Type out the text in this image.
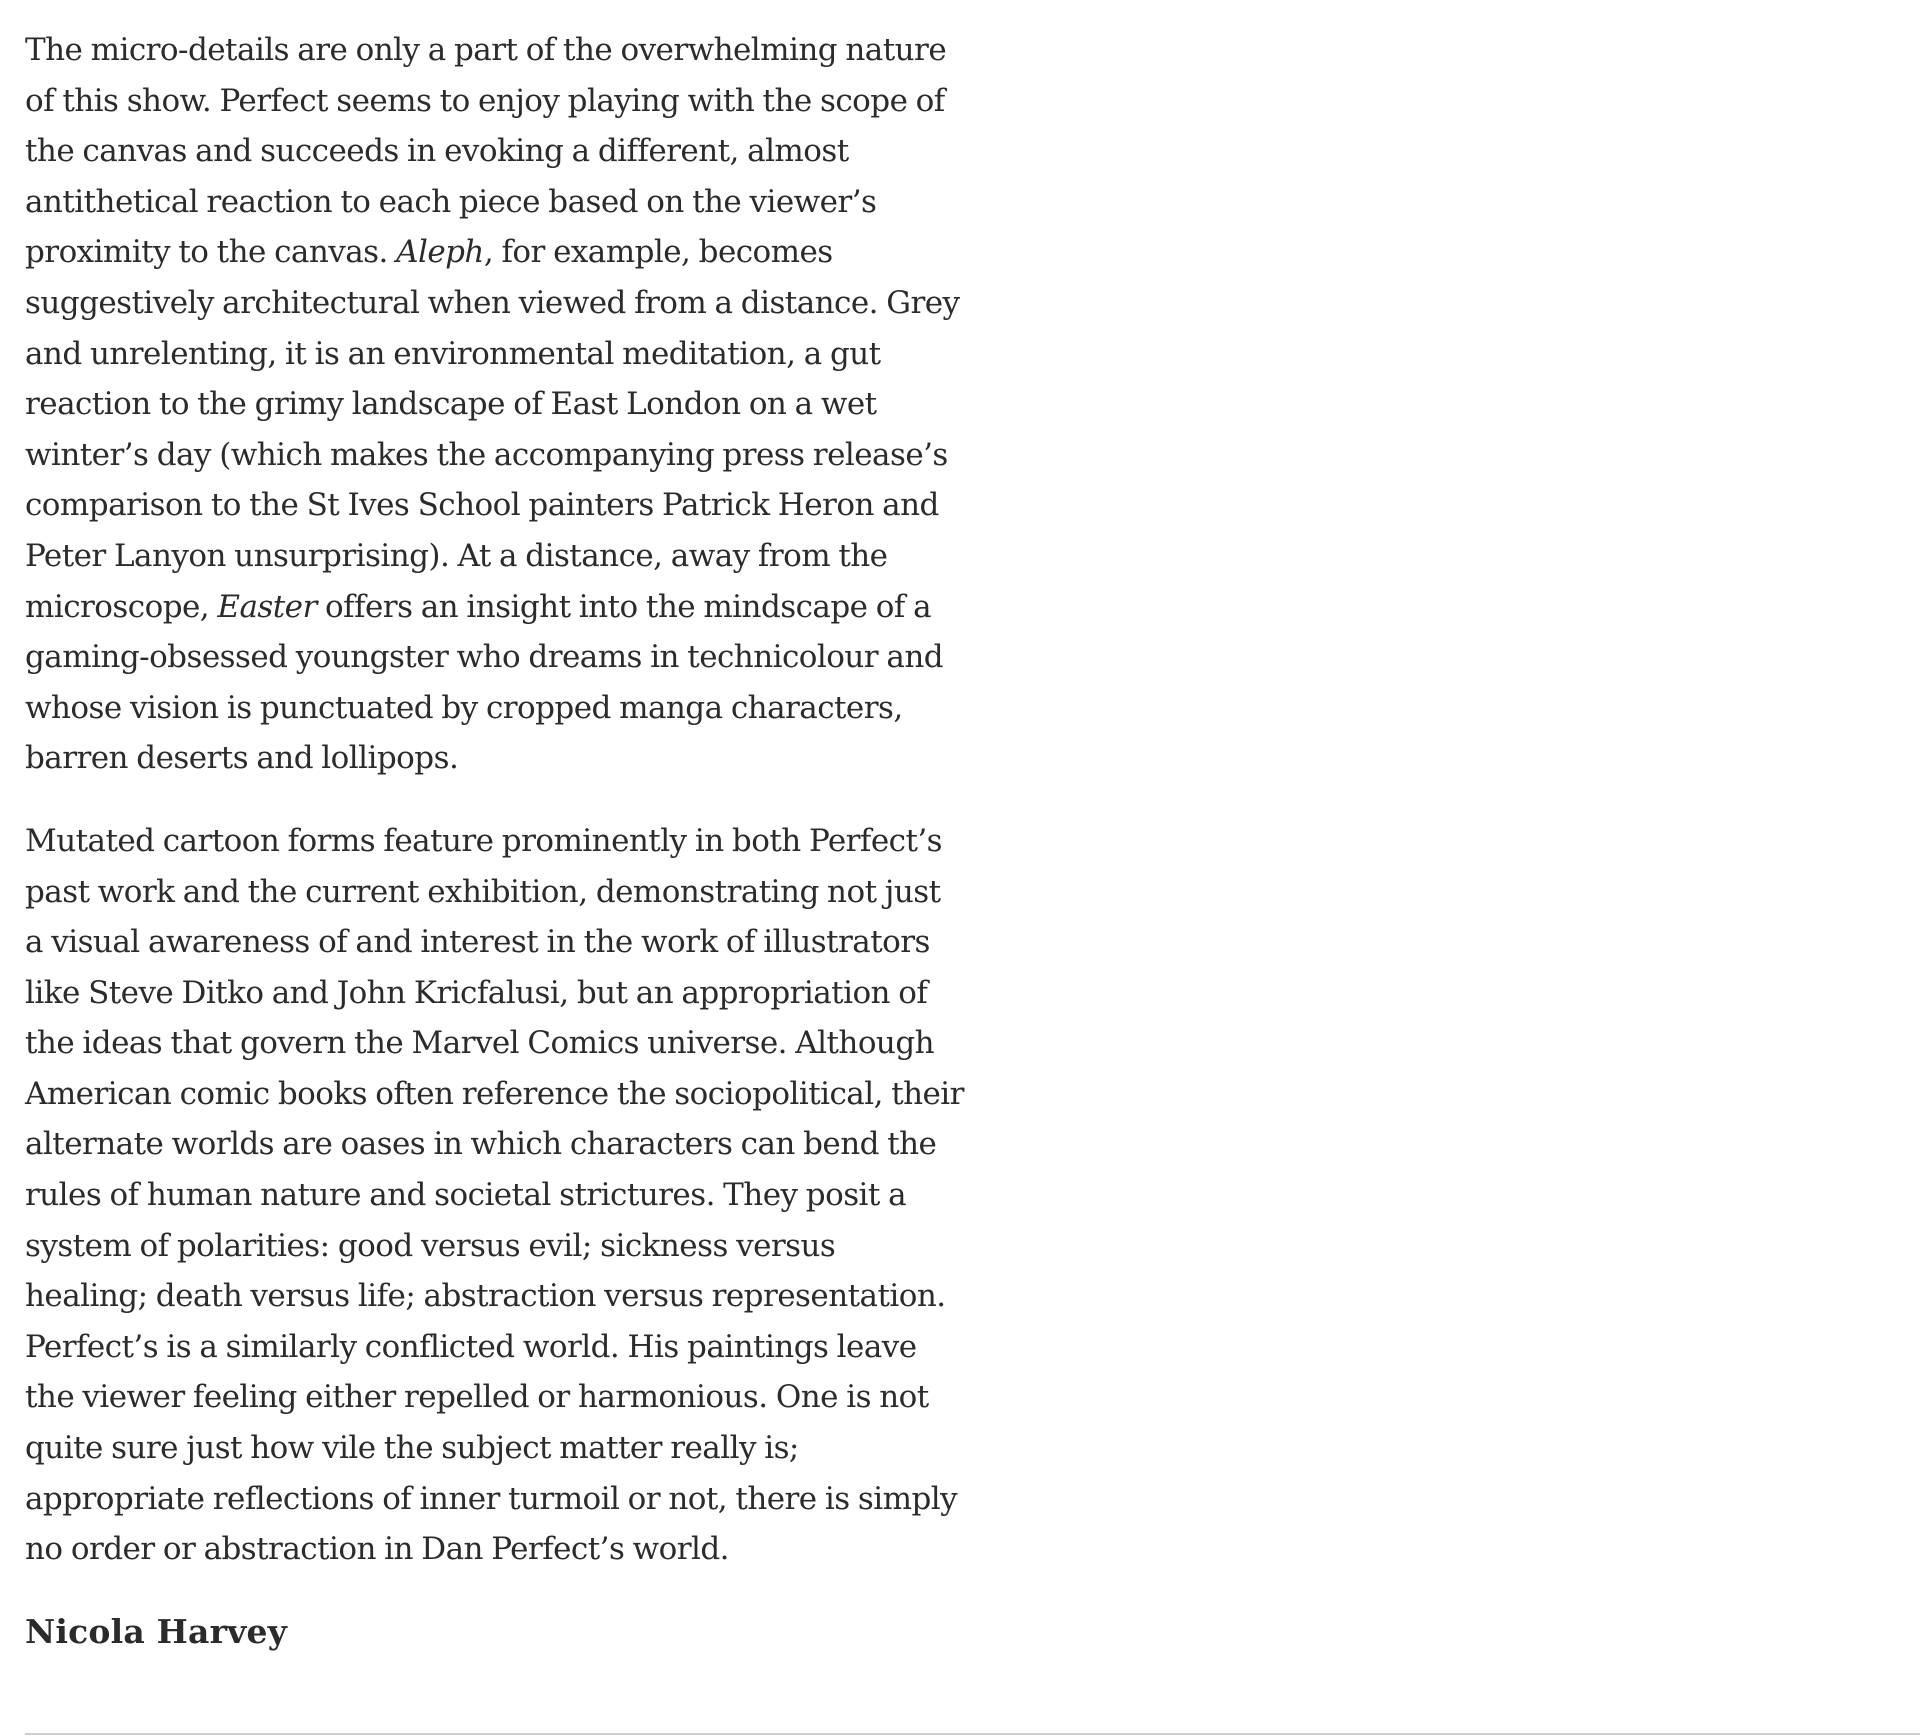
The micro-details are only a part of the overwhelming nature of this show. Perfect seems to enjoy playing with the scope of the canvas and succeeds in evoking a different, almost antithetical reaction to each piece based on the viewer’s proximity to the canvas. Aleph, for example, becomes suggestively architectural when viewed from a distance. Grey and unrelenting, it is an environmental meditation, a gut reaction to the grimy landscape of East London on a wet winter’s day (which makes the accompanying press release’s comparison to the St Ives School painters Patrick Heron and Peter Lanyon unsurprising). At a distance, away from the microscope, Easter offers an insight into the mindscape of a gaming-obsessed youngster who dreams in technicolour and whose vision is punctuated by cropped manga characters, barren deserts and lollipops.

Mutated cartoon forms feature prominently in both Perfect’s past work and the current exhibition, demonstrating not just a visual awareness of and interest in the work of illustrators like Steve Ditko and John Kricfalusi, but an appropriation of the ideas that govern the Marvel Comics universe. Although American comic books often reference the sociopolitical, their alternate worlds are oases in which characters can bend the rules of human nature and societal strictures. They posit a system of polarities: good versus evil; sickness versus healing; death versus life; abstraction versus representation. Perfect’s is a similarly conflicted world. His paintings leave the viewer feeling either repelled or harmonious. One is not quite sure just how vile the subject matter really is; appropriate reflections of inner turmoil or not, there is simply no order or abstraction in Dan Perfect’s world.

Nicola Harvey
